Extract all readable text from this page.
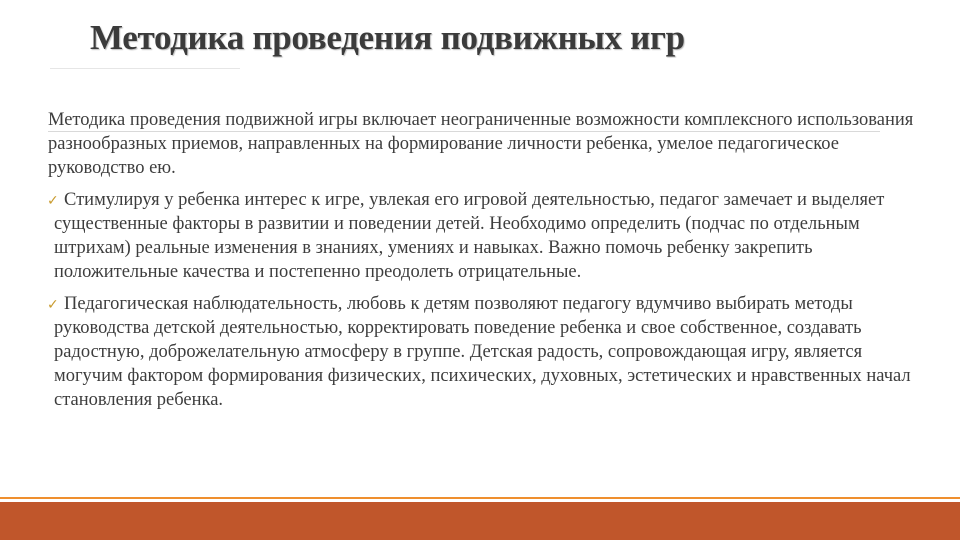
Методика проведения подвижных игр

Методика проведения подвижной игры включает неограниченные возможности комплексного использования разнообразных приемов, направленных на формирование личности ребенка, умелое педагогическое руководство ею.

✓ Стимулируя у ребенка интерес к игре, увлекая его игровой деятельностью, педагог замечает и выделяет существенные факторы в развитии и поведении детей. Необходимо определить (подчас по отдельным штрихам) реальные изменения в знаниях, умениях и навыках. Важно помочь ребенку закрепить положительные качества и постепенно преодолеть отрицательные.
✓ Педагогическая наблюдательность, любовь к детям позволяют педагогу вдумчиво выбирать методы руководства детской деятельностью, корректировать поведение ребенка и свое собственное, создавать радостную, доброжелательную атмосферу в группе. Детская радость, сопровождающая игру, является могучим фактором формирования физических, психических, духовных, эстетических и нравственных начал становления ребенка.
